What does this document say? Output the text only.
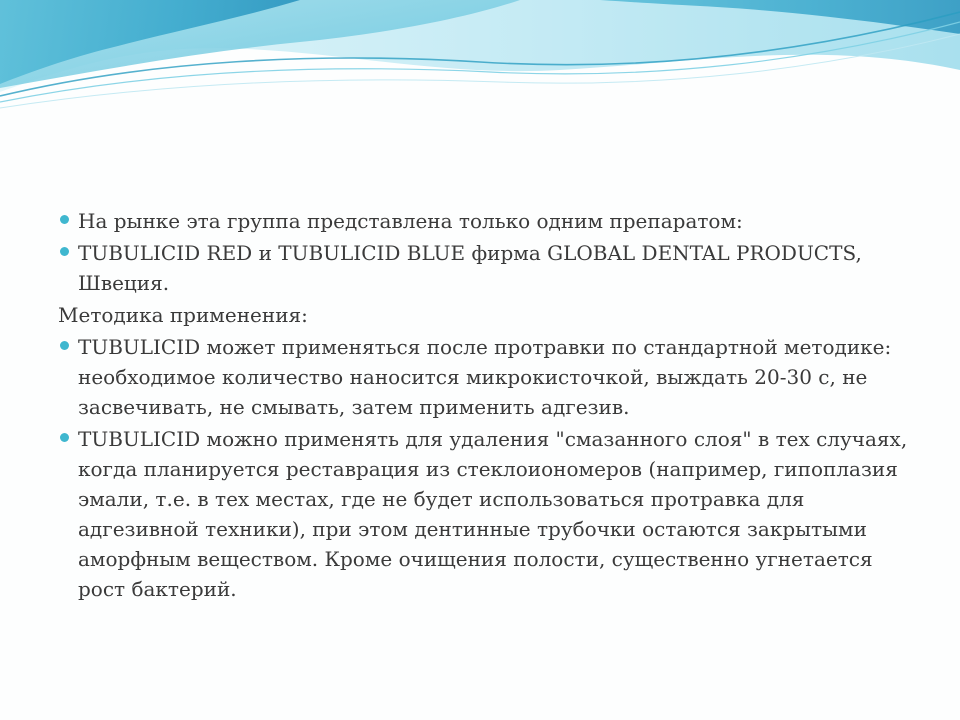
На рынке эта группа представлена только одним препаратом:
TUBULICID RED и TUBULICID BLUE фирма GLOBAL DENTAL PRODUCTS, Швеция.
Методика применения:
TUBULICID может применяться после протравки по стандартной методике: необходимое количество наносится микрокисточкой, выждать 20-30 с, не засвечивать, не смывать, затем применить адгезив.
TUBULICID можно применять для удаления "смазанного слоя" в тех случаях, когда планируется реставрация из стеклоиономеров (например, гипоплазия эмали, т.е. в тех местах, где не будет использоваться протравка для адгезивной техники), при этом дентинные трубочки остаются закрытыми аморфным веществом. Кроме очищения полости, существенно угнетается рост бактерий.
